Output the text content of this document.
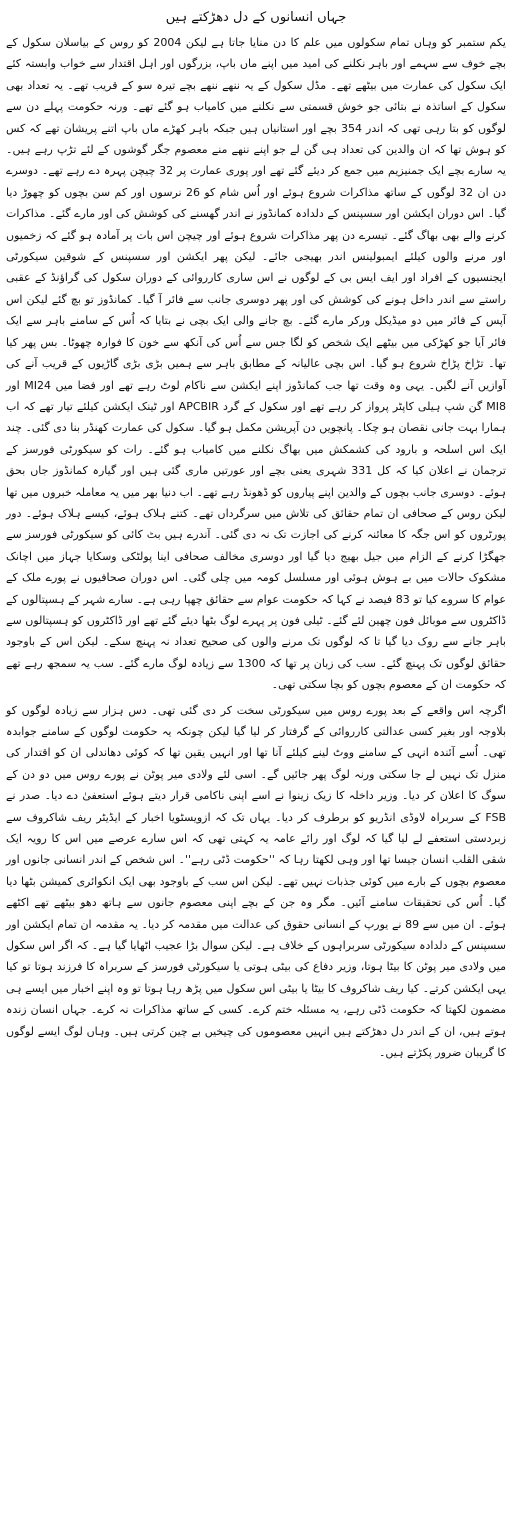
جہاں انسانوں کے دل دھڑکتے ہیں

یکم ستمبر کو وہاں تمام سکولوں میں علم کا دن منایا جاتا ہے لیکن 2004 کو روس کے بیاسلان سکول کے بچے خوف سے سہمے اور باہر نکلنے کی امید میں اپنے ماں باپ، بزرگوں اور اہل اقتدار سے خواب وابستہ کئے ایک سکول کی عمارت میں بیٹھے تھے۔ مڈل سکول کے یہ ننھے ننھے بچے تیرہ سو کے قریب تھے۔ یہ تعداد بھی سکول کے اساتذہ نے بتائی جو خوش قسمتی سے نکلنے میں کامیاب ہو گئے تھے۔ ورنہ حکومت پہلے دن سے لوگوں کو بتا رہی تھی کہ اندر 354 بچے اور استانیاں ہیں جبکہ باہر کھڑے ماں باپ اتنے پریشان تھے کہ کس کو ہوش تھا کہ ان والدین کی تعداد ہی گن لے جو اپنے ننھے منے معصوم جگر گوشوں کے لئے تڑپ رہے ہیں۔ یہ سارے بچے ایک جمنیزیم میں جمع کر دیئے گئے تھے اور پوری عمارت پر 32 چیچن پہرہ دے رہے تھے۔ دوسرے دن ان 32 لوگوں کے ساتھ مذاکرات شروع ہوئے اور اُس شام کو 26 نرسوں اور کم سن بچوں کو چھوڑ دیا گیا۔ اس دوران ایکشن اور سسپنس کے دلدادہ کمانڈوز نے اندر گھسنے کی کوشش کی اور مارے گئے۔ مذاکرات کرنے والے بھی بھاگ گئے۔ تیسرے دن پھر مذاکرات شروع ہوئے اور چیچن اس بات پر آمادہ ہو گئے کہ زخمیوں اور مرنے والوں کیلئے ایمبولینس اندر بھیجی جائے۔ لیکن پھر ایکشن اور سسپنس کے شوقین سیکورٹی ایجنسیوں کے افراد اور ایف ایس بی کے لوگوں نے اس ساری کارروائی کے دوران سکول کی گراؤنڈ کے عقبی راستے سے اندر داخل ہونے کی کوشش کی اور پھر دوسری جانب سے فائر آ گیا۔ کمانڈوز تو بچ گئے لیکن اس آپس کے فائر میں دو میڈیکل ورکر مارے گئے۔ بچ جانے والی ایک بچی نے بتایا کہ اُس کے سامنے باہر سے ایک فائر آیا جو کھڑکی میں بیٹھے ایک شخص کو لگا جس سے اُس کی آنکھ سے خون کا فوارہ چھوٹا۔ بس پھر کیا تھا۔ تڑاخ پڑاخ شروع ہو گیا۔ اس بچی عالیانہ کے مطابق باہر سے ہمیں بڑی بڑی گاڑیوں کے قریب آنے کی آوازیں آنے لگیں۔ یہی وہ وقت تھا جب کمانڈوز اپنے ایکشن سے ناکام لوٹ رہے تھے اور فضا میں MI24 اور MI8 گن شپ ہیلی کاپٹر پرواز کر رہے تھے اور سکول کے گرد APCBIR اور ٹینک ایکشن کیلئے تیار تھے کہ اب ہمارا بہت جانی نقصان ہو چکا۔ پانچویں دن آپریشن مکمل ہو گیا۔ سکول کی عمارت کھنڈر بنا دی گئی۔ چند ایک اس اسلحہ و بارود کی کشمکش میں بھاگ نکلنے میں کامیاب ہو گئے۔ رات کو سیکورٹی فورسز کے ترجمان نے اعلان کیا کہ کل 331 شہری یعنی بچے اور عورتیں ماری گئی ہیں اور گیارہ کمانڈوز جاں بحق ہوئے۔ دوسری جانب بچوں کے والدین اپنے پیاروں کو ڈھونڈ رہے تھے۔ اب دنیا بھر میں یہ معاملہ خبروں میں تھا لیکن روس کے صحافی ان تمام حقائق کی تلاش میں سرگرداں تھے۔ کتنے ہلاک ہوئے، کیسے ہلاک ہوئے۔ دور پورٹروں کو اس جگہ کا معائنہ کرنے کی اجازت تک نہ دی گئی۔ آندرے ہیں بٹ کائی کو سیکورٹی فورسز سے جھگڑا کرنے کے الزام میں جیل بھیج دیا گیا اور دوسری مخالف صحافی اینا پولٹکی وسکایا جہاز میں اچانک مشکوک حالات میں بے ہوش ہوئی اور مسلسل کومہ میں چلی گئی۔ اس دوران صحافیوں نے پورے ملک کے عوام کا سروے کیا تو 83 فیصد نے کہا کہ حکومت عوام سے حقائق چھپا رہی ہے۔ سارے شہر کے ہسپتالوں کے ڈاکٹروں سے موبائل فون چھین لئے گئے۔ ٹیلی فون پر پہرے لوگ بٹھا دیئے گئے تھے اور ڈاکٹروں کو ہسپتالوں سے باہر جانے سے روک دیا گیا تا کہ لوگوں تک مرنے والوں کی صحیح تعداد نہ پہنچ سکے۔ لیکن اس کے باوجود حقائق لوگوں تک پہنچ گئے۔ سب کی زبان پر تھا کہ 1300 سے زیادہ لوگ مارے گئے۔ سب یہ سمجھ رہے تھے کہ حکومت ان کے معصوم بچوں کو بچا سکتی تھی۔

اگرچہ اس واقعے کے بعد پورے روس میں سیکورٹی سخت کر دی گئی تھی۔ دس ہزار سے زیادہ لوگوں کو بلاوجہ اور بغیر کسی عدالتی کارروائی کے گرفتار کر لیا گیا لیکن چونکہ یہ حکومت لوگوں کے سامنے جوابدہ تھی۔ اُسے آئندہ انہی کے سامنے ووٹ لینے کیلئے آنا تھا اور انہیں یقین تھا کہ کوئی دھاندلی ان کو اقتدار کی منزل تک نہیں لے جا سکتی ورنہ لوگ پھر جائیں گے۔ اسی لئے ولادی میر پوٹن نے پورے روس میں دو دن کے سوگ کا اعلان کر دیا۔ وزیر داخلہ کا زیک زینوا نے اسے اپنی ناکامی قرار دیتے ہوئے استعفیٰ دے دیا۔ صدر نے FSB کے سربراہ لاوڈی انڈریو کو برطرف کر دیا۔ یہاں تک کہ ازویسٹویا اخبار کے ایڈیٹر ریف شاکروف سے زبردستی استعفے لے لیا گیا کہ لوگ اور رائے عامہ یہ کہتی تھی کہ اس سارے عرصے میں اس کا رویہ ایک شقی القلب انسان جیسا تھا اور وہی لکھتا رہا کہ ''حکومت ڈٹی رہے''۔ اس شخص کے اندر انسانی جانوں اور معصوم بچوں کے بارے میں کوئی جذبات نہیں تھے۔ لیکن اس سب کے باوجود بھی ایک انکوائری کمیشن بٹھا دیا گیا۔ اُس کی تحقیقات سامنے آئیں۔ مگر وہ جن کے بچے اپنی معصوم جانوں سے ہاتھ دھو بیٹھے تھے اکٹھے ہوئے۔ ان میں سے 89 نے یورپ کے انسانی حقوق کی عدالت میں مقدمہ کر دیا۔ یہ مقدمہ ان تمام ایکشن اور سسپنس کے دلدادہ سیکورٹی سربراہوں کے خلاف ہے۔ لیکن سوال بڑا عجیب اٹھایا گیا ہے۔ کہ اگر اس سکول میں ولادی میر پوٹن کا بیٹا ہوتا، وزیر دفاع کی بیٹی ہوتی یا سیکورٹی فورسز کے سربراہ کا فرزند ہوتا تو کیا یہی ایکشن کرتے۔ کیا ریف شاکروف کا بیٹا یا بیٹی اس سکول میں پڑھ رہا ہوتا تو وہ اپنے اخبار میں ایسے ہی مضمون لکھتا کہ حکومت ڈٹی رہے، یہ مسئلہ ختم کرے۔ کسی کے ساتھ مذاکرات نہ کرے۔ جہاں انسان زندہ ہوتے ہیں، ان کے اندر دل دھڑکتے ہیں انہیں معصوموں کی چیخیں بے چین کرتی ہیں۔ وہاں لوگ ایسے لوگوں کا گریبان ضرور پکڑتے ہیں۔
